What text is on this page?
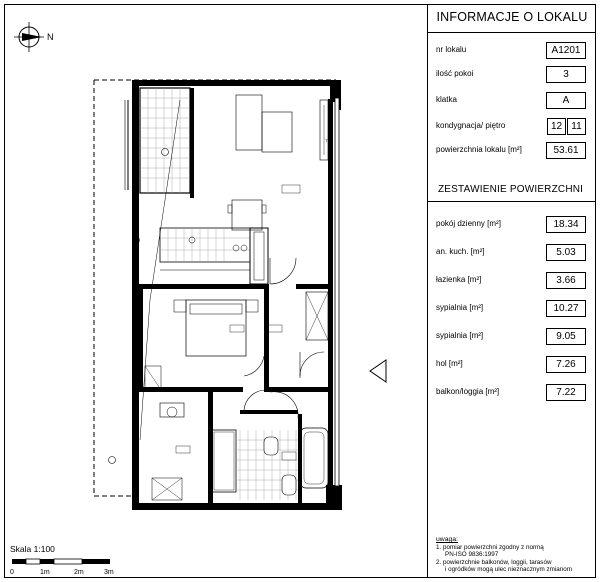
N
TV
INFORMACJE O LOKALU
nr lokalu	A1201
ilość pokoi	3
klatka	A
kondygnacja/ piętro	12 11
powierzchnia lokalu [m²]	53.61
ZESTAWIENIE POWIERZCHNI
pokój dzienny [m²]	18.34
an. kuch. [m²]	5.03
łazienka [m²]	3.66
sypialnia [m²]	10.27
sypialnia [m²]	9.05
hol [m²]	7.26
balkon/loggia [m²]	7.22
uwaga:
1. pomiar powierzchni zgodny z normą
PN-ISO 9836:1997
2. powierzchnie balkonów, loggii, tarasów
i ogródków mogą ulec nieznacznym zmianom
Skala 1:100
0	1m	2m	3m
